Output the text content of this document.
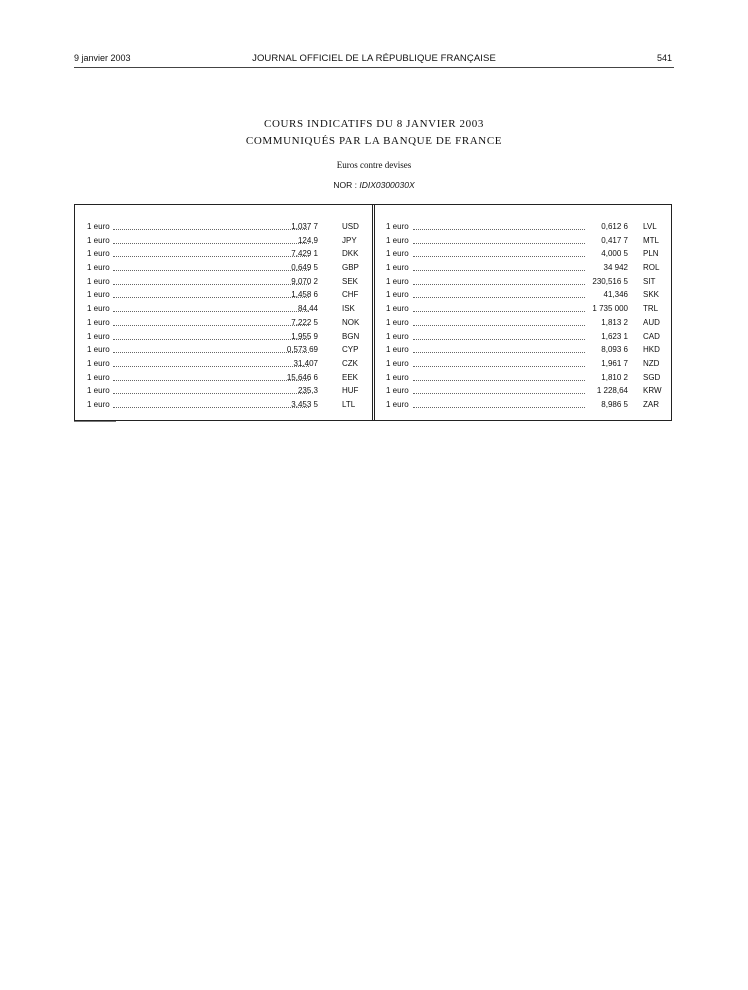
9 janvier 2003	JOURNAL OFFICIEL DE LA RÉPUBLIQUE FRANÇAISE	541
COURS INDICATIFS DU 8 JANVIER 2003
COMMUNIQUÉS PAR LA BANQUE DE FRANCE
Euros contre devises
NOR : IDIX0300030X
1 euro	1,037 7	USD
1 euro	124,9	JPY
1 euro	7,429 1	DKK
1 euro	0,649 5	GBP
1 euro	9,070 2	SEK
1 euro	1,458 6	CHF
1 euro	84,44	ISK
1 euro	7,222 5	NOK
1 euro	1,955 9	BGN
1 euro	0,573 69	CYP
1 euro	31,407	CZK
1 euro	15,646 6	EEK
1 euro	235,3	HUF
1 euro	3,453 5	LTL
1 euro	0,612 6 LVL
1 euro	0,417 7 MTL
1 euro	4,000 5 PLN
1 euro	34 942 ROL
1 euro	230,516 5 SIT
1 euro	41,346 SKK
1 euro	1 735 000 TRL
1 euro	1,813 2 AUD
1 euro	1,623 1 CAD
1 euro	8,093 6 HKD
1 euro	1,961 7 NZD
1 euro	1,810 2 SGD
1 euro	1 228,64 KRW
1 euro	8,986 5 ZAR
